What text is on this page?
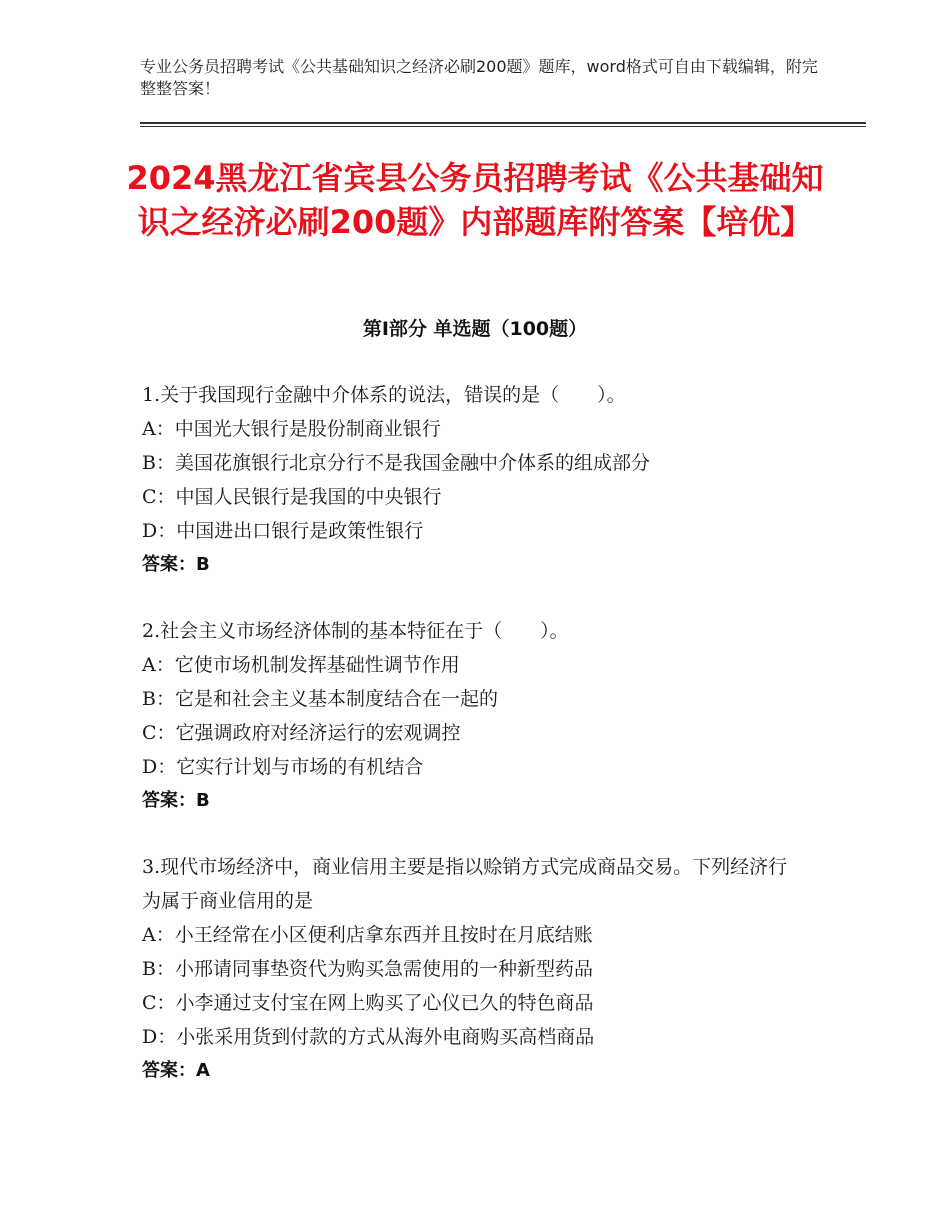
专业公务员招聘考试《公共基础知识之经济必刷200题》题库，word格式可自由下载编辑，附完整整答案！
2024黑龙江省宾县公务员招聘考试《公共基础知识之经济必刷200题》内部题库附答案【培优】
第I部分 单选题（100题）
1.关于我国现行金融中介体系的说法，错误的是（　　）。
A：中国光大银行是股份制商业银行
B：美国花旗银行北京分行不是我国金融中介体系的组成部分
C：中国人民银行是我国的中央银行
D：中国进出口银行是政策性银行
答案：B
2.社会主义市场经济体制的基本特征在于（　　）。
A：它使市场机制发挥基础性调节作用
B：它是和社会主义基本制度结合在一起的
C：它强调政府对经济运行的宏观调控
D：它实行计划与市场的有机结合
答案：B
3.现代市场经济中，商业信用主要是指以赊销方式完成商品交易。下列经济行为属于商业信用的是
A：小王经常在小区便利店拿东西并且按时在月底结账
B：小邢请同事垫资代为购买急需使用的一种新型药品
C：小李通过支付宝在网上购买了心仪已久的特色商品
D：小张采用货到付款的方式从海外电商购买高档商品
答案：A
